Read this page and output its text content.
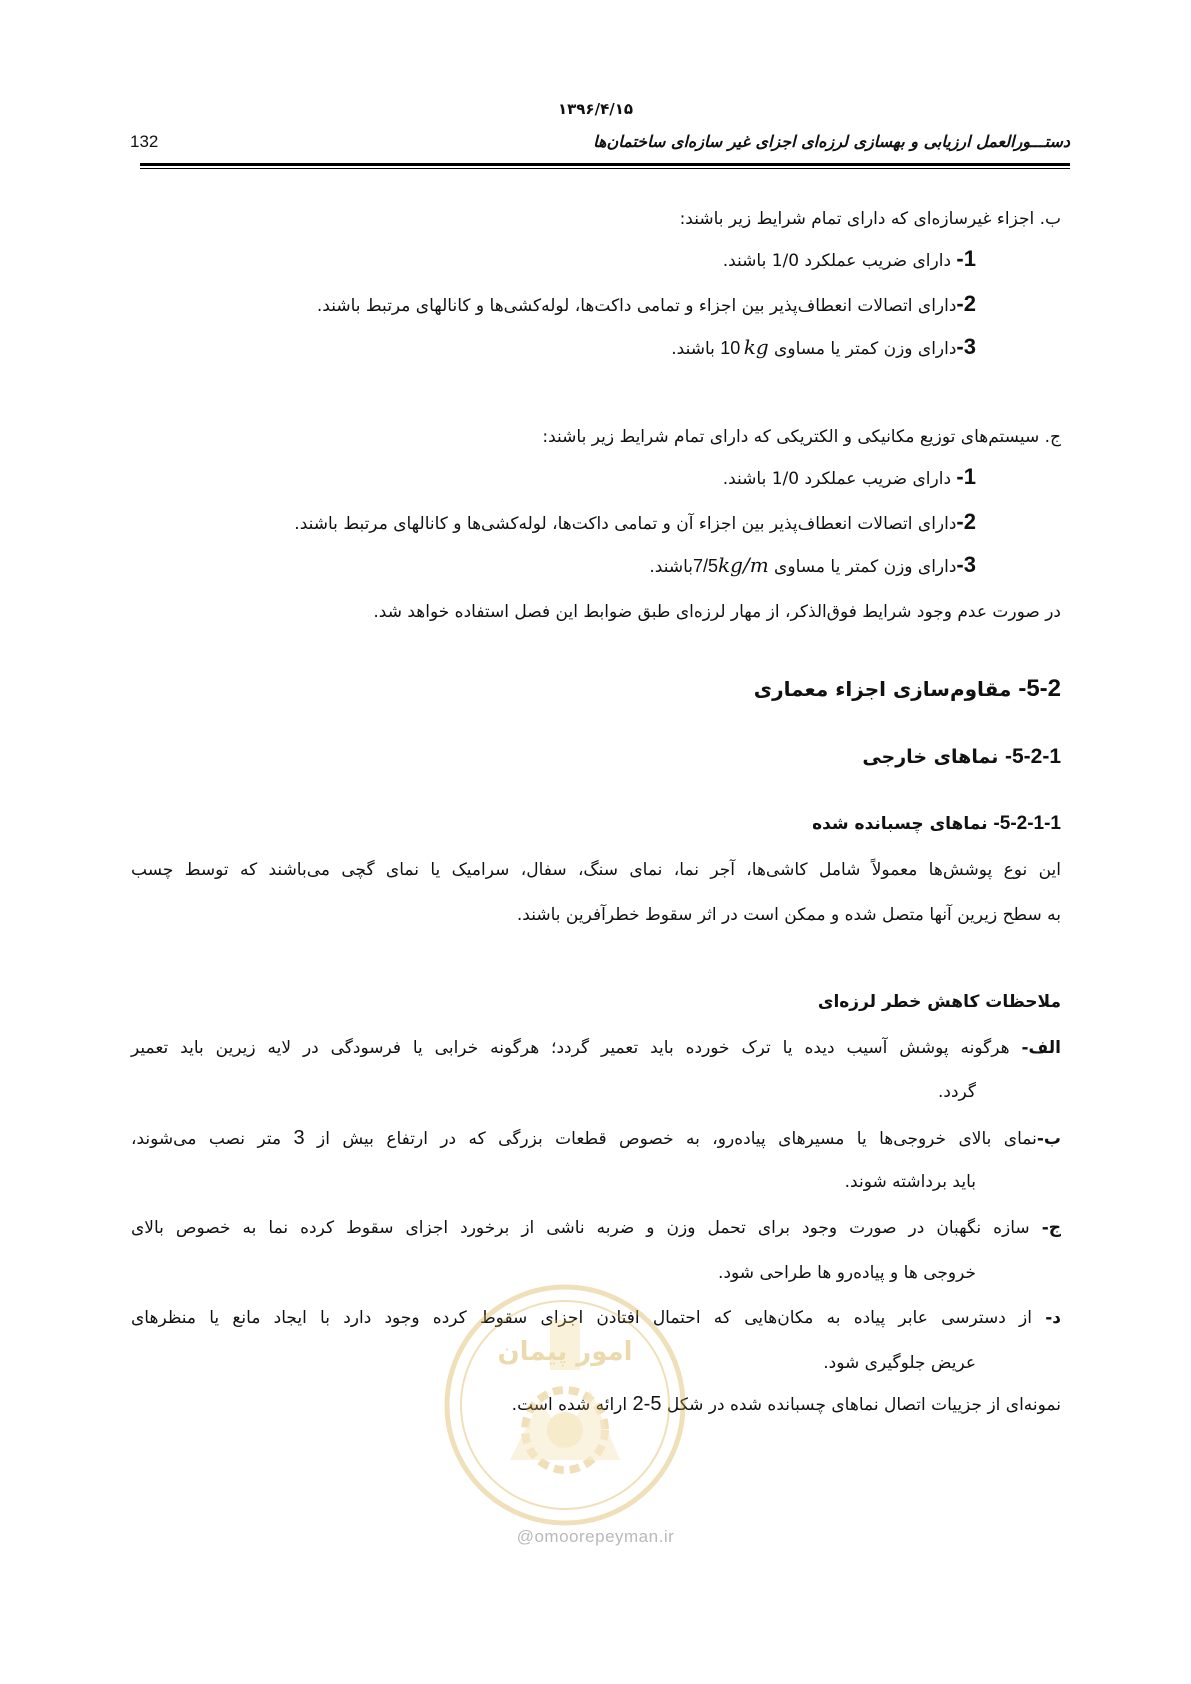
۱۳۹۶/۴/۱۵
دستـــورالعمل ارزیابی و بهسازی لرزه‌ای اجزای غیر سازه‌ای ساختمان‌ها
132
ب. اجزاء غیرسازه‌ای که دارای تمام شرایط زیر باشند:
1- دارای ضریب عملکرد 1/0 باشند.
2-دارای اتصالات انعطاف‌پذیر بین اجزاء و تمامی داکت‌ها، لوله‌کشی‌ها و کانالهای مرتبط باشند.
3-دارای وزن کمتر یا مساوی 10  kg باشند.
ج. سیستم‌های توزیع مکانیکی و الکتریکی که دارای تمام شرایط زیر باشند:
1- دارای ضریب عملکرد 1/0 باشند.
2-دارای اتصالات انعطاف‌پذیر بین اجزاء آن و تمامی داکت‌ها، لوله‌کشی‌ها و کانالهای مرتبط باشند.
3-دارای وزن کمتر یا مساوی 7/5kg/mباشند.
در صورت عدم وجود شرایط فوق‌الذکر، از مهار لرزه‌ای طبق ضوابط این فصل استفاده خواهد شد.
5-2- مقاوم‌سازی اجزاء معماری
5-2-1- نماهای خارجی
5-2-1-1- نماهای چسبانده شده
این نوع پوشش‌ها معمولاً شامل کاشی‌ها، آجر نما، نمای سنگ، سفال، سرامیک یا نمای گچی می‌باشند که توسط چسب
به سطح زیرین آنها متصل شده و ممکن است در اثر سقوط خطرآفرین باشند.
ملاحظات کاهش خطر لرزه‌ای
الف- هرگونه پوشش آسیب دیده یا ترک خورده باید تعمیر گردد؛ هرگونه خرابی یا فرسودگی در لایه زیرین باید تعمیر
گردد.
ب-نمای بالای خروجی‌ها یا مسیرهای پیاده‌رو، به خصوص قطعات بزرگی که در ارتفاع بیش از 3 متر نصب می‌شوند،
باید برداشته شوند.
ج- سازه نگهبان در صورت وجود برای تحمل وزن و ضربه ناشی از برخورد اجزای سقوط کرده نما به خصوص بالای
خروجی ها و پیاده‌رو ها طراحی شود.
د- از دسترسی عابر پیاده به مکان‌هایی که احتمال افتادن اجزای سقوط کرده وجود دارد با ایجاد مانع یا منظرهای
عریض جلوگیری شود.
نمونه‌ای از جزییات اتصال نماهای چسبانده شده در شکل 5-2 ارائه شده است.
امور پیمان
@omoorepeyman.ir
